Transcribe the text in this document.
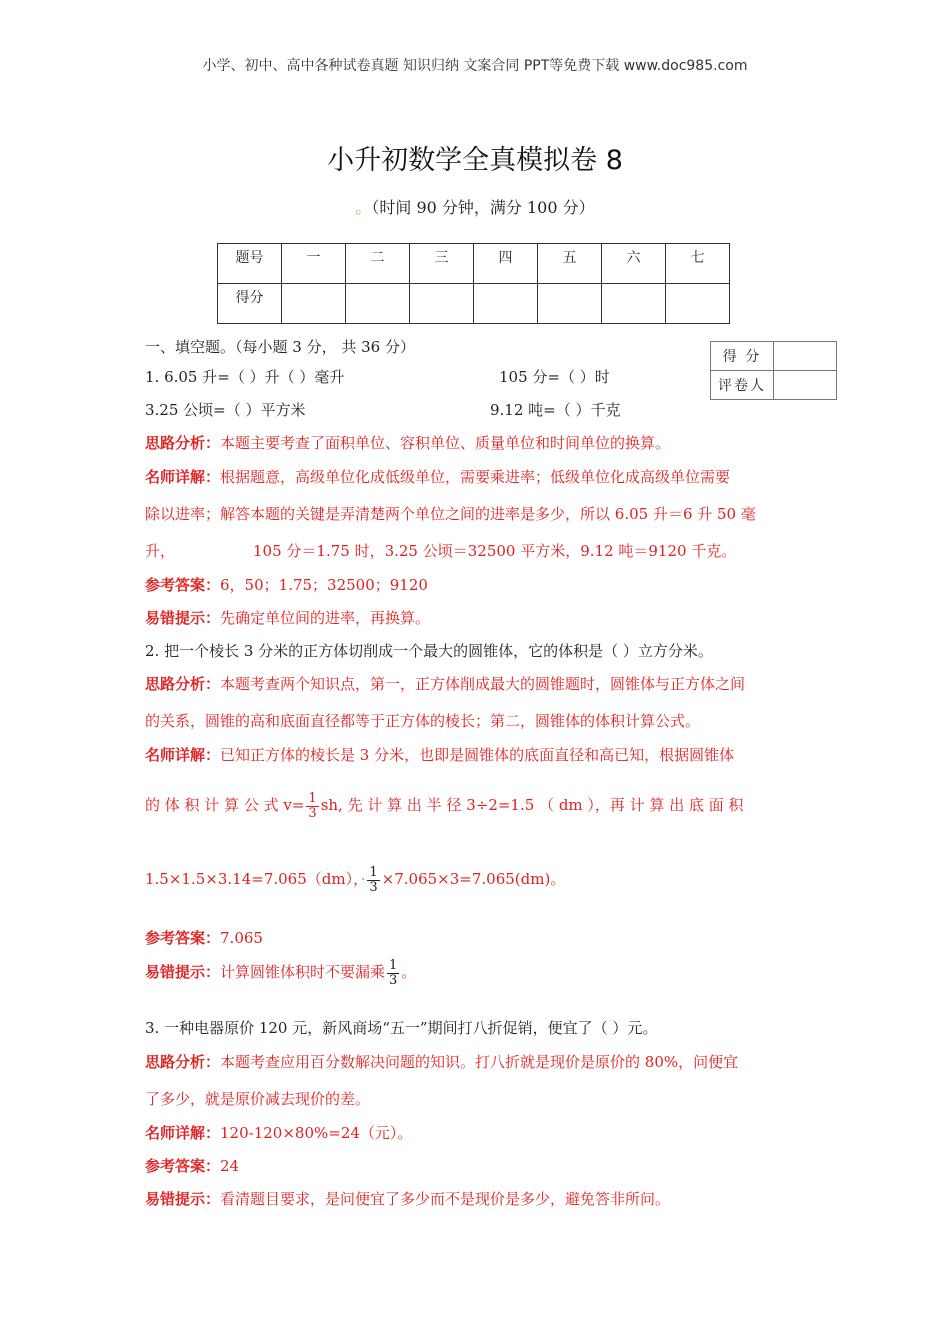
小学、初中、高中各种试卷真题 知识归纳 文案合同 PPT等免费下载 www.doc985.com
小升初数学全真模拟卷 8
。（时间 90 分钟，满分 100 分）
题号	一	二	三	四	五	六	七
得分							
得 分	
评卷人	
一、填空题。（每小题 3 分， 共 36 分）
1. 6.05 升=（ ）升（ ）毫升	105 分=（ ）时
3.25 公顷=（ ）平方米	9.12 吨=（ ）千克
思路分析：本题主要考查了面积单位、容积单位、质量单位和时间单位的换算。
名师详解：根据题意，高级单位化成低级单位，需要乘进率；低级单位化成高级单位需要
除以进率；解答本题的关键是弄清楚两个单位之间的进率是多少，所以 6.05 升＝6 升 50 毫
升，	105 分＝1.75 时，3.25 公顷＝32500 平方米，9.12 吨＝9120 千克。
参考答案：6，50；1.75；32500；9120
易错提示：先确定单位间的进率，再换算。
2. 把一个棱长 3 分米的正方体切削成一个最大的圆锥体，它的体积是（ ）立方分米。
思路分析：本题考查两个知识点，第一，正方体削成最大的圆锥题时，圆锥体与正方体之间
的关系，圆锥的高和底面直径都等于正方体的棱长；第二，圆锥体的体积计算公式。
名师详解：已知正方体的棱长是 3 分米，也即是圆锥体的底面直径和高已知，根据圆锥体
的 体 积 计 算 公 式 $v= \frac{1}{3}$ sh, 先 计 算 出 半 径 3÷2=1.5 （ dm ），再 计 算 出 底 面 积
1.5×1.5×3.14=7.065（dm），· $\frac{1}{3} \times 7.065\times 3=7.065(dm)$。
参考答案：7.065
易错提示：计算圆锥体积时不要漏乘 $\frac{1}{3}$ 。
3. 一种电器原价 120 元，新风商场“五一”期间打八折促销，便宜了（ ）元。
思路分析：本题考查应用百分数解决问题的知识。打八折就是现价是原价的 80%，问便宜
了多少，就是原价减去现价的差。
名师详解：120-120×80%=24（元）。
参考答案：24
易错提示：看清题目要求，是问便宜了多少而不是现价是多少，避免答非所问。
